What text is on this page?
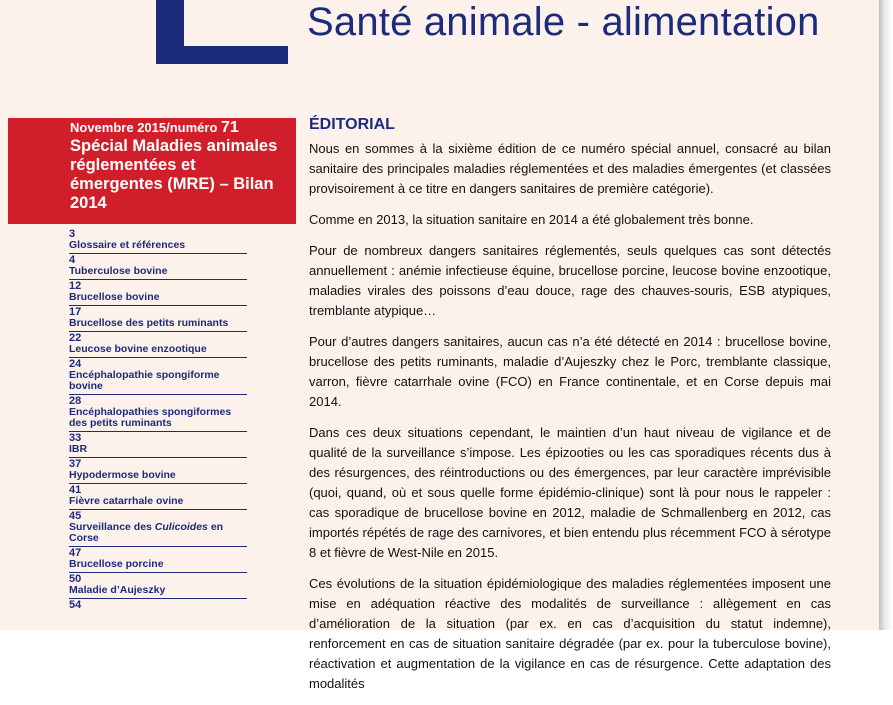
Santé animale - alimentation
Novembre 2015/numéro 71
Spécial Maladies animales réglementées et émergentes (MRE) – Bilan 2014
3
Glossaire et références
4
Tuberculose bovine
12
Brucellose bovine
17
Brucellose des petits ruminants
22
Leucose bovine enzootique
24
Encéphalopathie spongiforme bovine
28
Encéphalopathies spongiformes des petits ruminants
33
IBR
37
Hypodermose bovine
41
Fièvre catarrhale ovine
45
Surveillance des Culicoides en Corse
47
Brucellose porcine
50
Maladie d’Aujeszky
54
ÉDITORIAL

Nous en sommes à la sixième édition de ce numéro spécial annuel, consacré au bilan sanitaire des principales maladies réglementées et des maladies émergentes (et classées provisoirement à ce titre en dangers sanitaires de première catégorie).

Comme en 2013, la situation sanitaire en 2014 a été globalement très bonne.

Pour de nombreux dangers sanitaires réglementés, seuls quelques cas sont détectés annuellement : anémie infectieuse équine, brucellose porcine, leucose bovine enzootique, maladies virales des poissons d’eau douce, rage des chauves-souris, ESB atypiques, tremblante atypique…

Pour d’autres dangers sanitaires, aucun cas n’a été détecté en 2014 : brucellose bovine, brucellose des petits ruminants, maladie d’Aujeszky chez le Porc, tremblante classique, varron, fièvre catarrhale ovine (FCO) en France continentale, et en Corse depuis mai 2014.

Dans ces deux situations cependant, le maintien d’un haut niveau de vigilance et de qualité de la surveillance s’impose. Les épizooties ou les cas sporadiques récents dus à des résurgences, des réintroductions ou des émergences, par leur caractère imprévisible (quoi, quand, où et sous quelle forme épidémio-clinique) sont là pour nous le rappeler : cas sporadique de brucellose bovine en 2012, maladie de Schmallenberg en 2012, cas importés répétés de rage des carnivores, et bien entendu plus récemment FCO à sérotype 8 et fièvre de West-Nile en 2015.

Ces évolutions de la situation épidémiologique des maladies réglementées imposent une mise en adéquation réactive des modalités de surveillance : allègement en cas d’amélioration de la situation (par ex. en cas d’acquisition du statut indemne), renforcement en cas de situation sanitaire dégradée (par ex. pour la tuberculose bovine), réactivation et augmentation de la vigilance en cas de résurgence. Cette adaptation des modalités
